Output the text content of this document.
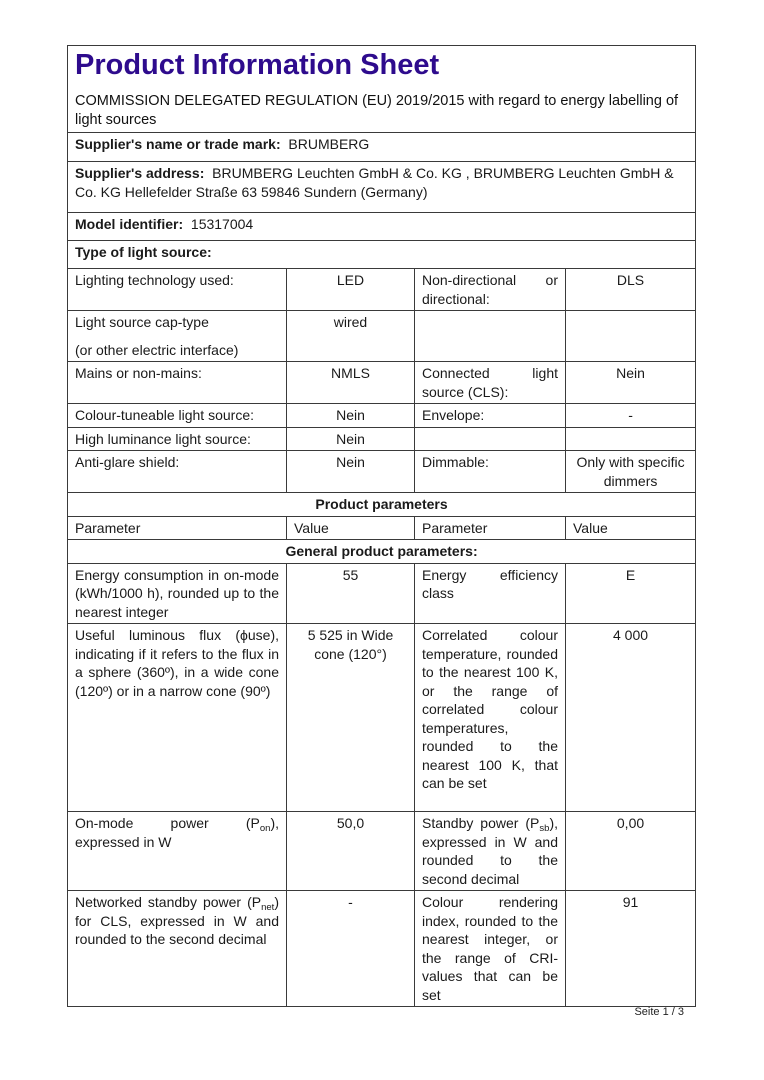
Product Information Sheet

COMMISSION DELEGATED REGULATION (EU) 2019/2015 with regard to energy labelling of light sources

Supplier's name or trade mark: BRUMBERG			
Supplier's address: BRUMBERG Leuchten GmbH & Co. KG , BRUMBERG Leuchten GmbH & Co. KG Hellefelder Straße 63 59846 Sundern (Germany)			
Model identifier: 15317004			
Type of light source:			
Lighting technology used:	LED	Non-directional or directional:	DLS

Light source cap-type
(or other electric interface)	wired		
Mains or non-mains:	NMLS	Connected light source (CLS):	Nein
Colour-tuneable light source:	Nein	Envelope:	-
High luminance light source:	Nein		
Anti-glare shield:	Nein	Dimmable:	Only with specific dimmers
Product parameters			
Parameter	Value	Parameter	Value
General product parameters:			
Energy consumption in on-mode (kWh/1000 h), rounded up to the nearest integer	55	Energy efficiency class	E
Useful luminous flux (ϕuse), indicating if it refers to the flux in a sphere (360º), in a wide cone (120º) or in a narrow cone (90º)	5 525 in Wide cone (120°)	Correlated colour temperature, rounded to the nearest 100 K, or the range of correlated colour temperatures, rounded to the nearest 100 K, that can be set	4 000
On-mode power $(P_{on})$, expressed in W	50,0	Standby power $(P_{sb})$, expressed in W and rounded to the second decimal	0,00
Networked standby power $(P_{net})$ for CLS, expressed in W and rounded to the second decimal	-	Colour rendering index, rounded to the nearest integer, or the range of CRI-values that can be set	91
Seite 1 / 3
